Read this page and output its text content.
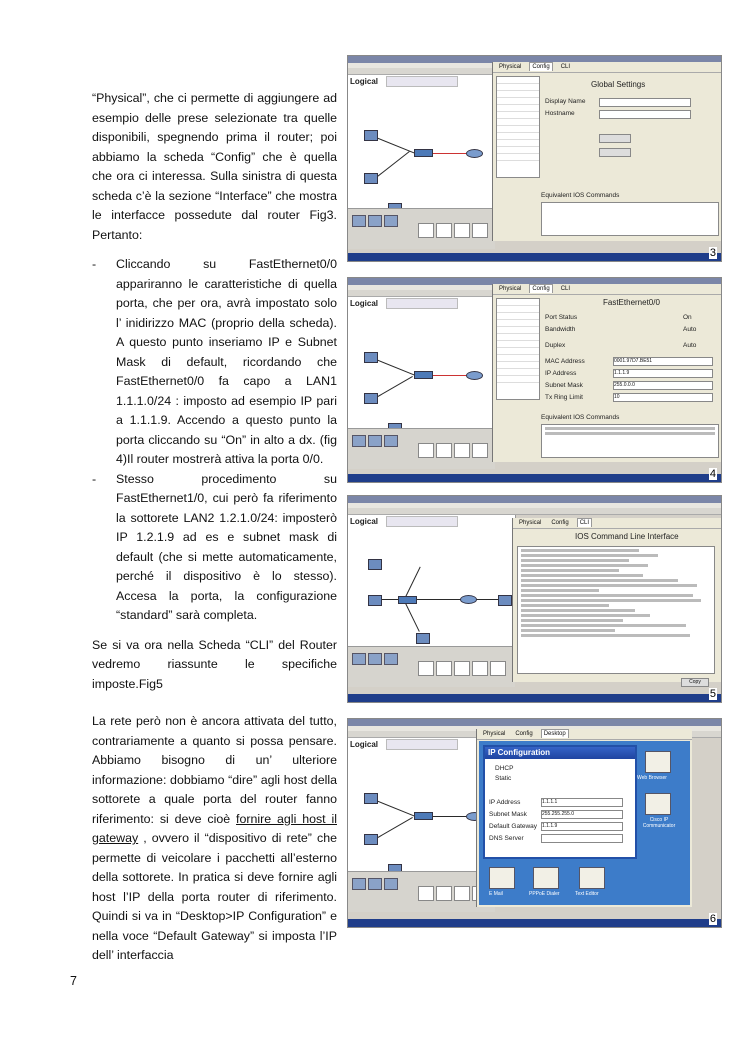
“Physical”, che ci permette di aggiungere ad esempio delle prese selezionate tra quelle disponibili, spegnendo prima il router; poi abbiamo la scheda “Config” che è quella che ora ci interessa. Sulla sinistra di questa scheda c’è la sezione “Interface” che mostra le interfacce possedute dal router Fig3. Pertanto:

- Cliccando su FastEthernet0/0 appariranno le caratteristiche di quella porta, che per ora, avrà impostato solo l’ inidirizzo MAC (proprio della scheda). A questo punto inseriamo IP e Subnet Mask di default, ricordando che FastEthernet0/0 fa capo a LAN1 1.1.1.0/24 : imposto ad esempio IP pari a 1.1.1.9. Accendo a questo punto la porta cliccando su “On” in alto a dx. (fig 4)Il router mostrerà attiva la porta 0/0.

- Stesso procedimento su FastEthernet1/0, cui però fa riferimento la sottorete LAN2 1.2.1.0/24: imposterò IP 1.2.1.9 ad es e subnet mask di default (che si mette automaticamente, perché il dispositivo è lo stesso). Accesa la porta, la configurazione “standard” sarà completa.

Se si va ora nella Scheda “CLI” del Router vedremo riassunte le specifiche imposte.Fig5

La rete però non è ancora attivata del tutto, contrariamente a quanto si possa pensare. Abbiamo bisogno di un’ ulteriore informazione: dobbiamo “dire” agli host della sottorete a quale porta del router fanno riferimento: si deve cioè fornire agli host il gateway , ovvero il “dispositivo di rete” che permette di veicolare i pacchetti all’esterno della sottorete. In pratica si deve fornire agli host l’IP della porta router di riferimento. Quindi si va in “Desktop>IP Configuration” e nella voce “Default Gateway” si imposta l’IP dell’ interfaccia

7
Logical
Physical Config CLI
Global Settings
Display Name
Hostname
Equivalent IOS Commands
3
Logical
Physical Config CLI
FastEthernet0/0
Port Status	On
Bandwidth	Auto
Duplex	Auto
MAC Address	0001.97D7.BE51
IP Address	1.1.1.9
Subnet Mask	255.0.0.0
Tx Ring Limit	10
Equivalent IOS Commands
4
Logical	Physical Config CLI
IOS Command Line Interface
Copy
5
Logical
Physical Config Desktop
IP Configuration
DHCP
Static
IP Address	1.1.1.1
Subnet Mask	255.255.255.0
Default Gateway 1.1.1.9
DNS Server
Web Browser
Cisco IP Communicator
E Mail	PPPoE Dialer	Text Editor
6
